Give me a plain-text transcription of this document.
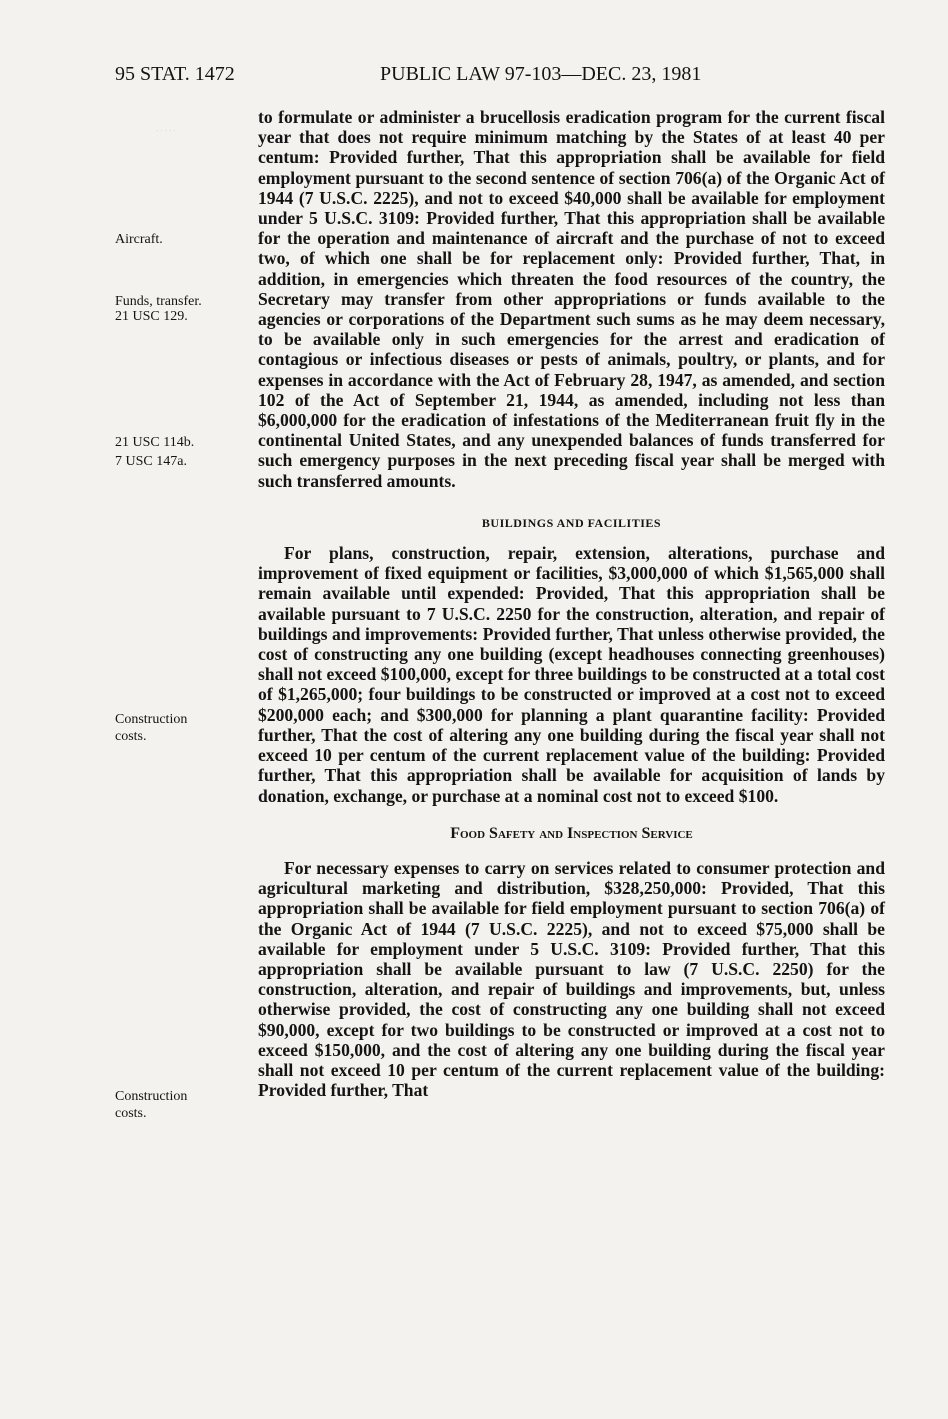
95 STAT. 1472	PUBLIC LAW 97-103—DEC. 23, 1981
·····
Aircraft.
Funds, transfer.
21 USC 129.
21 USC 114b.
7 USC 147a.
Construction
costs.
Construction
costs.

to formulate or administer a brucellosis eradication program for the current fiscal year that does not require minimum matching by the States of at least 40 per centum: Provided further, That this appropriation shall be available for field employment pursuant to the second sentence of section 706(a) of the Organic Act of 1944 (7 U.S.C. 2225), and not to exceed $40,000 shall be available for employment under 5 U.S.C. 3109: Provided further, That this appropriation shall be available for the operation and maintenance of aircraft and the purchase of not to exceed two, of which one shall be for replacement only: Provided further, That, in addition, in emergencies which threaten the food resources of the country, the Secretary may transfer from other appropriations or funds available to the agencies or corporations of the Department such sums as he may deem necessary, to be available only in such emergencies for the arrest and eradication of contagious or infectious diseases or pests of animals, poultry, or plants, and for expenses in accordance with the Act of February 28, 1947, as amended, and section 102 of the Act of September 21, 1944, as amended, including not less than $6,000,000 for the eradication of infestations of the Mediterranean fruit fly in the continental United States, and any unexpended balances of funds transferred for such emergency purposes in the next preceding fiscal year shall be merged with such transferred amounts.

BUILDINGS AND FACILITIES

For plans, construction, repair, extension, alterations, purchase and improvement of fixed equipment or facilities, $3,000,000 of which $1,565,000 shall remain available until expended: Provided, That this appropriation shall be available pursuant to 7 U.S.C. 2250 for the construction, alteration, and repair of buildings and improvements: Provided further, That unless otherwise provided, the cost of constructing any one building (except headhouses connecting greenhouses) shall not exceed $100,000, except for three buildings to be constructed at a total cost of $1,265,000; four buildings to be constructed or improved at a cost not to exceed $200,000 each; and $300,000 for planning a plant quarantine facility: Provided further, That the cost of altering any one building during the fiscal year shall not exceed 10 per centum of the current replacement value of the building: Provided further, That this appropriation shall be available for acquisition of lands by donation, exchange, or purchase at a nominal cost not to exceed $100.

Food Safety and Inspection Service

For necessary expenses to carry on services related to consumer protection and agricultural marketing and distribution, $328,250,000: Provided, That this appropriation shall be available for field employment pursuant to section 706(a) of the Organic Act of 1944 (7 U.S.C. 2225), and not to exceed $75,000 shall be available for employment under 5 U.S.C. 3109: Provided further, That this appropriation shall be available pursuant to law (7 U.S.C. 2250) for the construction, alteration, and repair of buildings and improvements, but, unless otherwise provided, the cost of constructing any one building shall not exceed $90,000, except for two buildings to be constructed or improved at a cost not to exceed $150,000, and the cost of altering any one building during the fiscal year shall not exceed 10 per centum of the current replacement value of the building: Provided further, That
